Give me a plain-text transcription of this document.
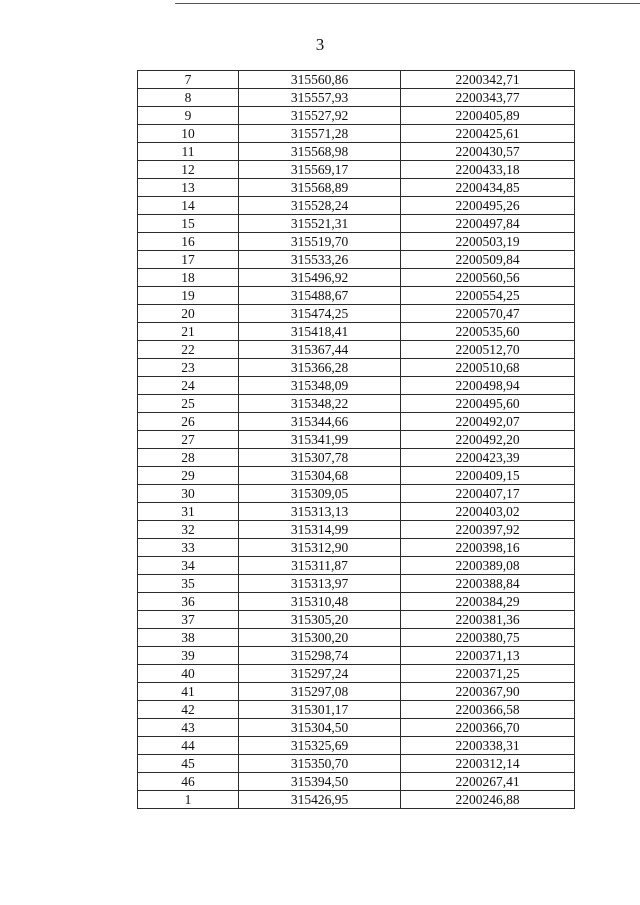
3
7	315560,86	2200342,71
8	315557,93	2200343,77
9	315527,92	2200405,89
10	315571,28	2200425,61
11	315568,98	2200430,57
12	315569,17	2200433,18
13	315568,89	2200434,85
14	315528,24	2200495,26
15	315521,31	2200497,84
16	315519,70	2200503,19
17	315533,26	2200509,84
18	315496,92	2200560,56
19	315488,67	2200554,25
20	315474,25	2200570,47
21	315418,41	2200535,60
22	315367,44	2200512,70
23	315366,28	2200510,68
24	315348,09	2200498,94
25	315348,22	2200495,60
26	315344,66	2200492,07
27	315341,99	2200492,20
28	315307,78	2200423,39
29	315304,68	2200409,15
30	315309,05	2200407,17
31	315313,13	2200403,02
32	315314,99	2200397,92
33	315312,90	2200398,16
34	315311,87	2200389,08
35	315313,97	2200388,84
36	315310,48	2200384,29
37	315305,20	2200381,36
38	315300,20	2200380,75
39	315298,74	2200371,13
40	315297,24	2200371,25
41	315297,08	2200367,90
42	315301,17	2200366,58
43	315304,50	2200366,70
44	315325,69	2200338,31
45	315350,70	2200312,14
46	315394,50	2200267,41
1	315426,95	2200246,88
